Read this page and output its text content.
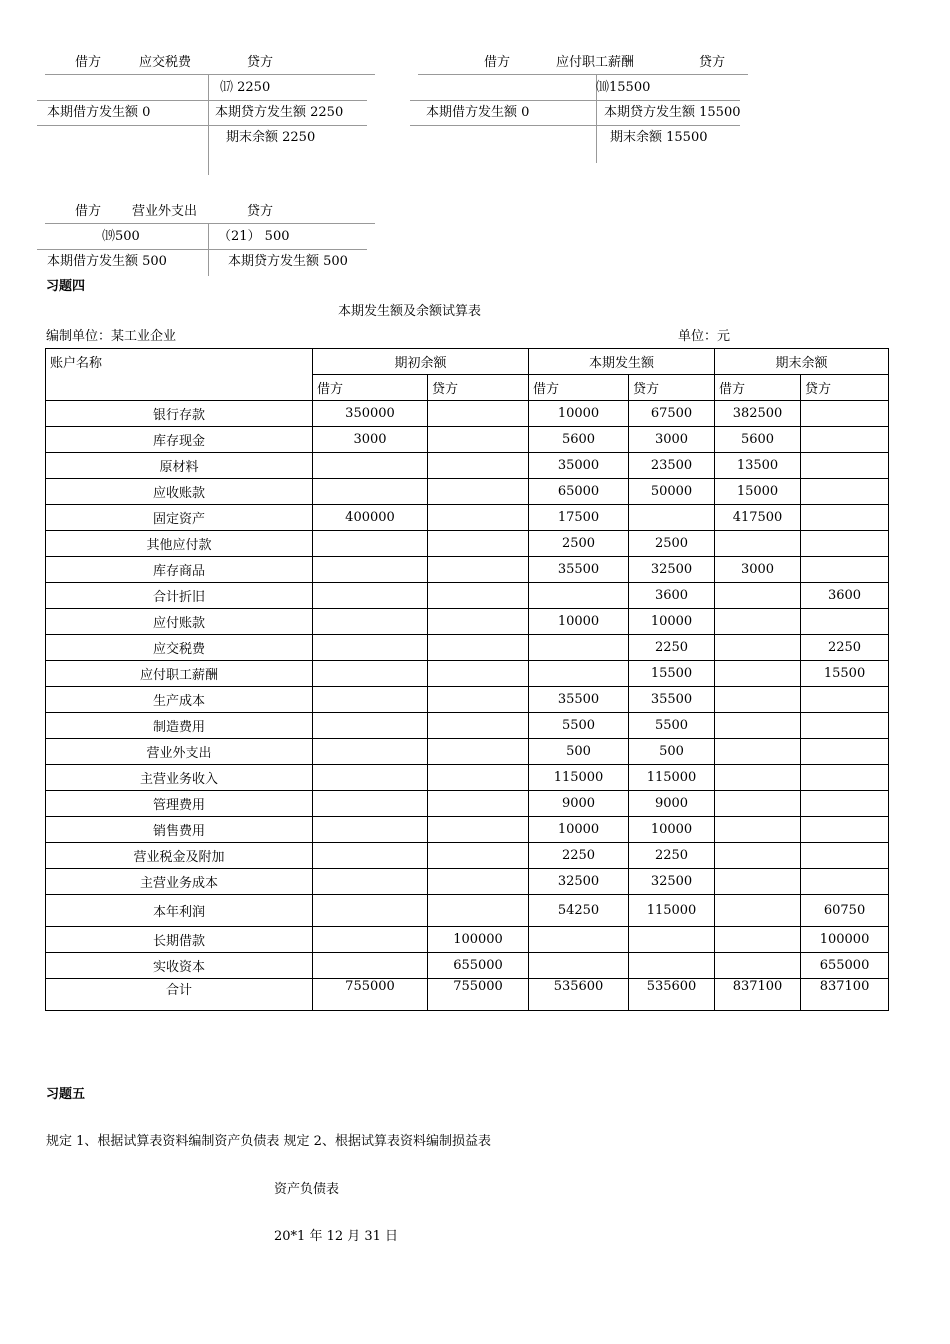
借方	应交税费	贷方
⒄ 2250
本期借方发生额 0	本期贷方发生额 2250
期末余额 2250
借方	应付职工薪酬	贷方
⑽15500
本期借方发生额 0	本期贷方发生额 15500
期末余额 15500
借方 营业外支出	贷方
⒆500	（21） 500
本期借方发生额 500	本期贷方发生额 500
习题四
本期发生额及余额试算表
编制单位：某工业企业	单位：元
账户名称	期初余额		本期发生额		期末余额	
	借方	贷方	借方	贷方	借方	贷方
银行存款	350000		10000	67500	382500	
库存现金	3000		5600	3000	5600	
原材料			35000	23500	13500	
应收账款			65000	50000	15000	
固定资产	400000		17500		417500	
其他应付款			2500	2500		
库存商品			35500	32500	3000	
合计折旧				3600		3600
应付账款			10000	10000		
应交税费				2250		2250
应付职工薪酬				15500		15500
生产成本			35500	35500		
制造费用			5500	5500		
营业外支出			500	500		
主营业务收入			115000	115000		
管理费用			9000	9000		
销售费用			10000	10000		
营业税金及附加			2250	2250		
主营业务成本			32500	32500		
本年利润			54250	115000		60750
长期借款		100000				100000
实收资本		655000				655000
合计	755000	755000	535600	535600	837100	837100
习题五
规定 1、根据试算表资料编制资产负债表 规定 2、根据试算表资料编制损益表
资产负债表
20*1 年 12 月 31 日
